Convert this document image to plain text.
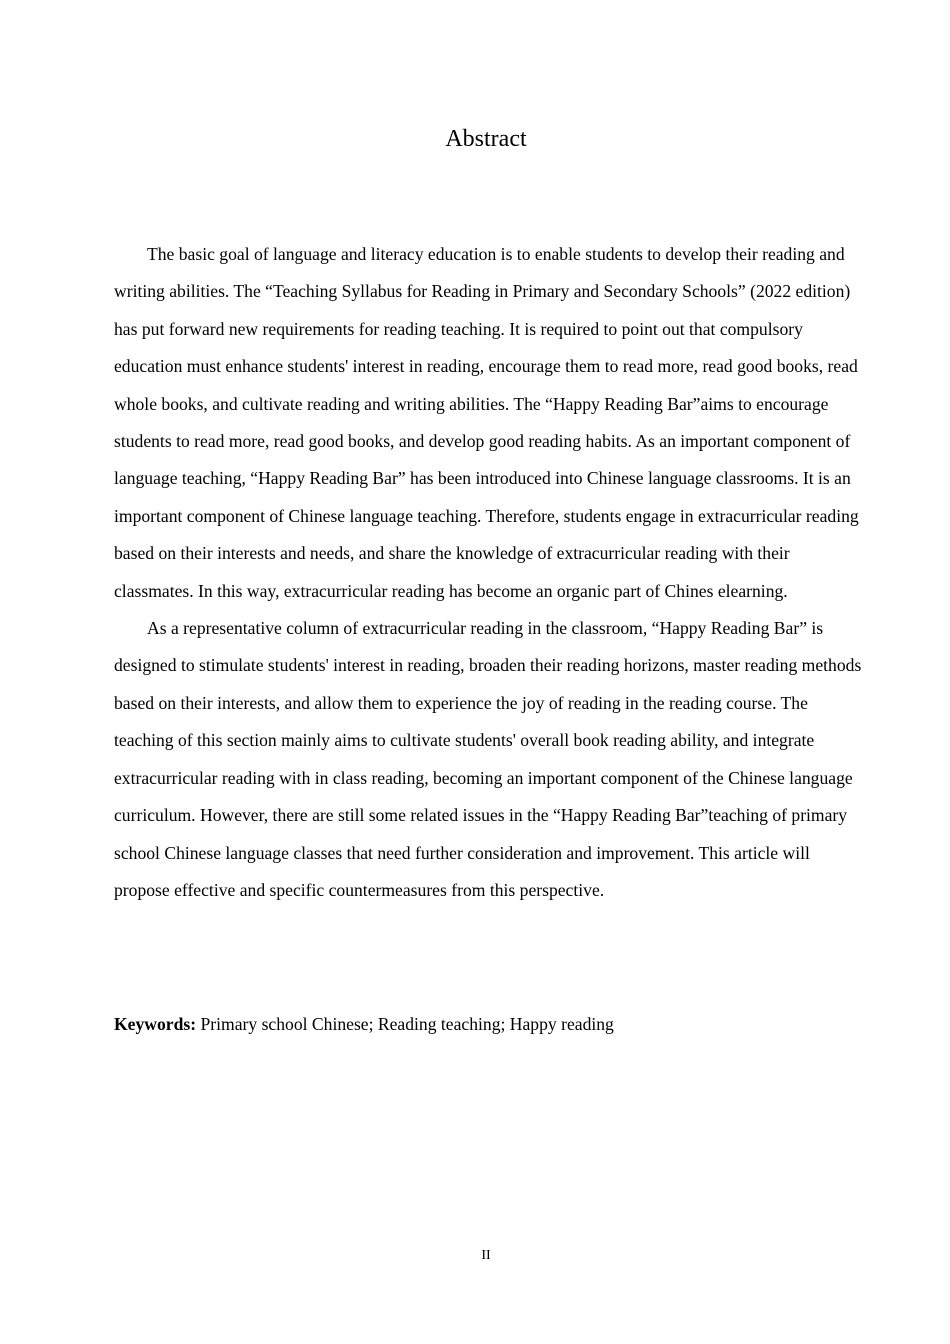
Abstract

The basic goal of language and literacy education is to enable students to develop their reading and writing abilities. The “Teaching Syllabus for Reading in Primary and Secondary Schools” (2022 edition) has put forward new requirements for reading teaching. It is required to point out that compulsory education must enhance students' interest in reading, encourage them to read more, read good books, read whole books, and cultivate reading and writing abilities. The “Happy Reading Bar”aims to encourage students to read more, read good books, and develop good reading habits. As an important component of language teaching, “Happy Reading Bar” has been introduced into Chinese language classrooms. It is an important component of Chinese language teaching. Therefore, students engage in extracurricular reading based on their interests and needs, and share the knowledge of extracurricular reading with their classmates. In this way, extracurricular reading has become an organic part of Chines elearning.

As a representative column of extracurricular reading in the classroom, “Happy Reading Bar” is designed to stimulate students' interest in reading, broaden their reading horizons, master reading methods based on their interests, and allow them to experience the joy of reading in the reading course. The teaching of this section mainly aims to cultivate students' overall book reading ability, and integrate extracurricular reading with in class reading, becoming an important component of the Chinese language curriculum. However, there are still some related issues in the “Happy Reading Bar”teaching of primary school Chinese language classes that need further consideration and improvement. This article will propose effective and specific countermeasures from this perspective.

Keywords: Primary school Chinese; Reading teaching; Happy reading

II
